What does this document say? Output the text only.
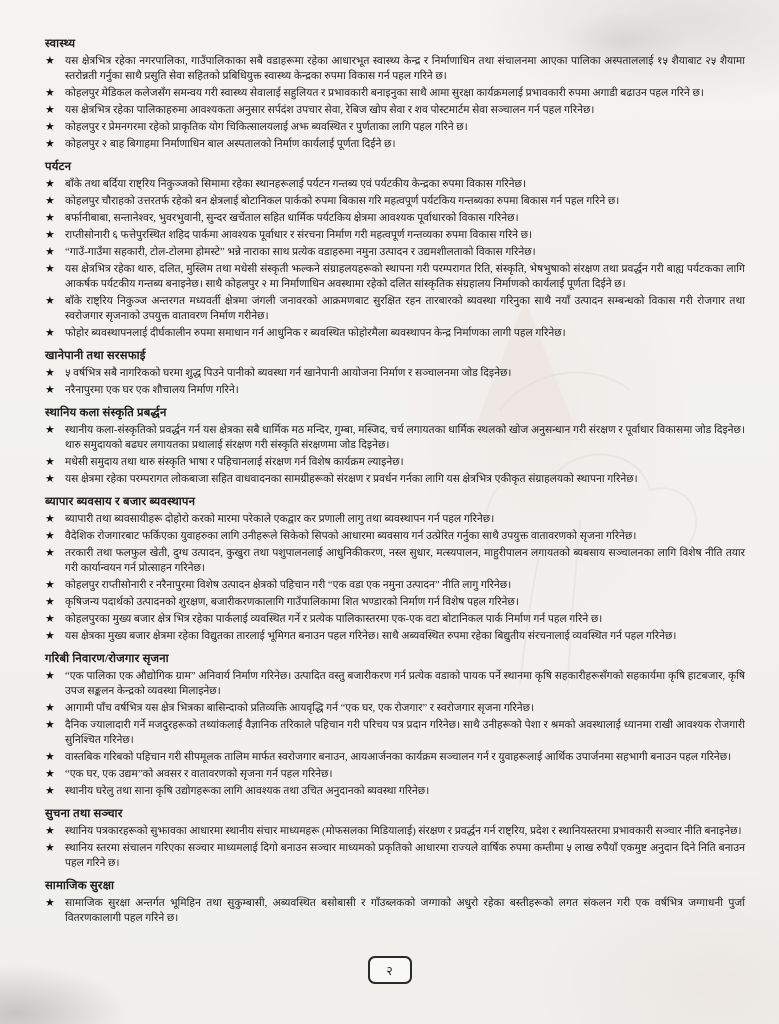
स्वास्थ्य
★ यस क्षेत्रभित्र रहेका नगरपालिका, गाउँपालिकाका सबै वडाहरूमा रहेका आधारभूत स्वास्थ्य केन्द्र र निर्माणाधिन तथा संचालनमा आएका पालिका अस्पताललाई १५ शैयाबाट २५ शैयामा स्तरोन्नती गर्नुका साथै प्रसुति सेवा सहितको प्रबिधियुक्त स्वास्थ्य केन्द्रका रुपमा विकास गर्न पहल गरिने छ।
★ कोहलपुर मेडिकल कलेजसँग समन्वय गरी स्वास्थ्य सेवालाई सहुलियत र प्रभावकारी बनाइनुका साथै आमा सुरक्षा कार्यक्रमलाई प्रभावकारी रुपमा अगाडी बढाउन पहल गरिने छ।
★ यस क्षेत्रभित्र रहेका पालिकाहरुमा आवश्यकता अनुसार सर्पदंश उपचार सेवा, रेबिज खोप सेवा र शव पोस्टमार्टम सेवा सञ्चालन गर्न पहल गरिनेछ।
★ कोहलपुर र प्रेमनगरमा रहेको प्राकृतिक योग चिकित्सालयलाई अझ ब्यवस्थित र पुर्णताका लागि पहल गरिने छ।
★ कोहलपुर २ बाह बिगाहमा निर्माणाधिन बाल अस्पतालको निर्माण कार्यलाई पूर्णता दिईने छ।
पर्यटन
★ बाँके तथा बर्दिया राष्ट्रिय निकुञ्जको सिमामा रहेका स्थानहरूलाई पर्यटन गन्तब्य एवं पर्यटकीय केन्द्रका रुपमा विकास गरिनेछ।
★ कोहलपुर चौराहको उत्तरतर्फ रहेको बन क्षेत्रलाई बोटानिकल पार्कको रुपमा बिकास गरि महत्वपूर्ण पर्यटकिय गन्तब्यका रुपमा बिकास गर्न पहल गरिने छ।
★ बर्फानीबाबा, सन्तानेश्वर, भुवरभुवानी, सुन्दर खर्चेताल सहित धार्मिक पर्यटकिय क्षेत्रमा आवश्यक पूर्वाधारको विकास गरिनेछ।
★ राप्तीसोनारी ६ फत्तेपुरस्थित शहिद पार्कमा आवश्यक पूर्वाधार र संरचना निर्माण गरी महत्वपूर्ण गन्तव्यका रुपमा विकास गरिने छ।
★ “गाउँ-गाउँमा सहकारी, टोल-टोलमा होमस्टे” भन्ने नाराका साथ प्रत्येक वडाहरुमा नमुना उत्पादन र उद्यमशीलताको विकास गरिनेछ।
★ यस क्षेत्रभित्र रहेका थारु, दलित, मुस्लिम तथा मधेसी संस्कृती झल्कने संग्राहलयहरूको स्थापना गरी परम्परागत रिति, संस्कृति, भेषभुषाको संरक्षण तथा प्रवर्द्धन गरी बाह्य पर्यटकका लागि आकर्षक पर्यटकीय गन्तब्य बनाइनेछ। साथै कोहलपुर २ मा निर्माणाधिन अवस्थामा रहेको दलित सांस्कृतिक संग्रहालय निर्माणको कार्यलाई पूर्णता दिईने छ।
★ बाँके राष्ट्रिय निकुञ्ज अन्तरगत मध्यवर्ती क्षेत्रमा जंगली जनावरको आक्रमणबाट सुरक्षित रहन तारबारको ब्यवस्था गरिनुका साथै नयाँ उत्पादन सम्बन्धको विकास गरी रोजगार तथा स्वरोजगार सृजनाको उपयुक्त वातावरण निर्माण गरीनेछ।
★ फोहोर ब्यवस्थापनलाई दीर्घकालीन रुपमा समाधान गर्न आधुनिक र ब्यवस्थित फोहोरमैला ब्यवस्थापन केन्द्र निर्माणका लागी पहल गरिनेछ।
खानेपानी तथा सरसफाई
★ ५ वर्षभित्र सबै नागरिकको घरमा शुद्ध पिउने पानीको ब्यवस्था गर्न खानेपानी आयोजना निर्माण र सञ्चालनमा जोड दिइनेछ।
★ नरैनापुरमा एक घर एक शौचालय निर्माण गरिने।
स्थानिय कला संस्कृति प्रबर्द्धन
★ स्थानीय कला-संस्कृतिको प्रवर्द्धन गर्न यस क्षेत्रका सबै धार्मिक मठ मन्दिर, गुम्बा, मस्जिद, चर्च लगायतका धार्मिक स्थलको खोज अनुसन्धान गरी संरक्षण र पूर्वाधार विकासमा जोड दिइनेछ। थारु समुदायको बढघर लगायतका प्रथालाई संरक्षण गरी संस्कृति संरक्षणमा जोड दिइनेछ।
★ मधेसी समुदाय तथा थारु संस्कृति भाषा र पहिचानलाई संरक्षण गर्न विशेष कार्यक्रम ल्याइनेछ।
★ यस क्षेत्रमा रहेका परम्परागत लोकबाजा सहित वाधवादनका सामग्रीहरूको संरक्षण र प्रवर्धन गर्नका लागि यस क्षेत्रभित्र एकीकृत संग्राहलयको स्थापना गरिनेछ।
ब्यापार ब्यवसाय र बजार ब्यवस्थापन
★ ब्यापारी तथा ब्यवसायीहरू दोहोरो करको मारमा परेकाले एकद्वार कर प्रणाली लागु तथा ब्यवस्थापन गर्न पहल गरिनेछ।
★ वैदेशिक रोजगारबाट फर्किएका युवाहरुका लागि उनीहरूले सिकेको सिपको आधारमा ब्यवसाय गर्न उत्प्रेरित गर्नुका साथै उपयुक्त वातावरणको सृजना गरिनेछ।
★ तरकारी तथा फलफुल खेती, दुग्ध उत्पादन, कुखुरा तथा पशुपालनलाई आधुनिकीकरण, नस्ल सुधार, मत्स्यपालन, माहुरीपालन लगायतको ब्यबसाय सञ्चालनका लागि विशेष नीति तयार गरी कार्यान्वयन गर्न प्रोत्साहन गरिनेछ।
★ कोहलपुर राप्तीसोनारी र नरैनापुरमा विशेष उत्पादन क्षेत्रको पहिचान गरी “एक वडा एक नमुना उत्पादन” नीति लागु गरिनेछ।
★ कृषिजन्य पदार्थको उत्पादनको शुरक्षण, बजारीकरणकालागि गाउँपालिकामा शित भण्डारको निर्माण गर्न विशेष पहल गरिनेछ।
★ कोहलपुरका मुख्य बजार क्षेत्र भित्र रहेका पार्कलाई व्यवस्थित गर्ने र प्रत्येक पालिकास्तरमा एक-एक वटा बोटानिकल पार्क निर्माण गर्न पहल गरिने छ।
★ यस क्षेत्रका मुख्य बजार क्षेत्रमा रहेका विद्युतका तारलाई भूमिगत बनाउन पहल गरिनेछ। साथै अब्यवस्थित रुपमा रहेका बिद्युतीय संरचनालाई व्यवस्थित गर्न पहल गरिनेछ।
गरिबी निवारण/रोजगार सृजना
★ “एक पालिका एक औद्योगिक ग्राम” अनिवार्य निर्माण गरिनेछ। उत्पादित वस्तु बजारीकरण गर्न प्रत्येक वडाको पायक पर्ने स्थानमा कृषि सहकारीहरूसँगको सहकार्यमा कृषि हाटबजार, कृषि उपज सङ्कलन केन्द्रको व्यवस्था मिलाइनेछ।
★ आगामी पाँच वर्षभित्र यस क्षेत्र भित्रका बासिन्दाको प्रतिव्यक्ति आयवृद्धि गर्न “एक घर, एक रोजगार” र स्वरोजगार सृजना गरिनेछ।
★ दैनिक ज्यालादारी गर्ने मजदुरहरूको तथ्यांकलाई वैज्ञानिक तरिकाले पहिचान गरी परिचय पत्र प्रदान गरिनेछ। साथै उनीहरूको पेशा र श्रमको अवस्थालाई ध्यानमा राखी आवश्यक रोजगारी सुनिश्चित गरिनेछ।
★ वास्तबिक गरिबको पहिचान गरी सीपमूलक तालिम मार्फत स्वरोजगार बनाउन, आयआर्जनका कार्यक्रम सञ्चालन गर्न र युवाहरूलाई आर्थिक उपार्जनमा सहभागी बनाउन पहल गरिनेछ।
★ “एक घर, एक उद्यम”को अवसर र वातावरणको सृजना गर्न पहल गरिनेछ।
★ स्थानीय घरेलु तथा साना कृषि उद्योगहरूका लागि आवश्यक तथा उचित अनुदानको ब्यवस्था गरिनेछ।
सुचना तथा सञ्चार
★ स्थानिय पत्रकारहरूको सुझावका आधारमा स्थानीय संचार माध्यमहरू (मोफसलका मिडियालाई) संरक्षण र प्रवर्द्धन गर्न राष्ट्रिय, प्रदेश र स्थानियस्तरमा प्रभावकारी सञ्चार नीति बनाइनेछ।
★ स्थानिय स्तरमा संचालन गरिएका सञ्चार माध्यमलाई दिगो बनाउन सञ्चार माध्यमको प्रकृतिको आधारमा राज्यले वार्षिक रुपमा कम्तीमा ५ लाख रुपैयाँ एकमुष्ट अनुदान दिने निति बनाउन पहल गरिने छ।
सामाजिक सुरक्षा
★ सामाजिक सुरक्षा अन्तर्गत भूमिहिन तथा सुकुम्बासी, अब्यवस्थित बसोबासी र गाँउब्लकको जग्गाको अधुरो रहेका बस्तीहरूको लगत संकलन गरी एक वर्षभित्र जग्गाधनी पुर्जा वितरणकालागी पहल गरिने छ।
२
